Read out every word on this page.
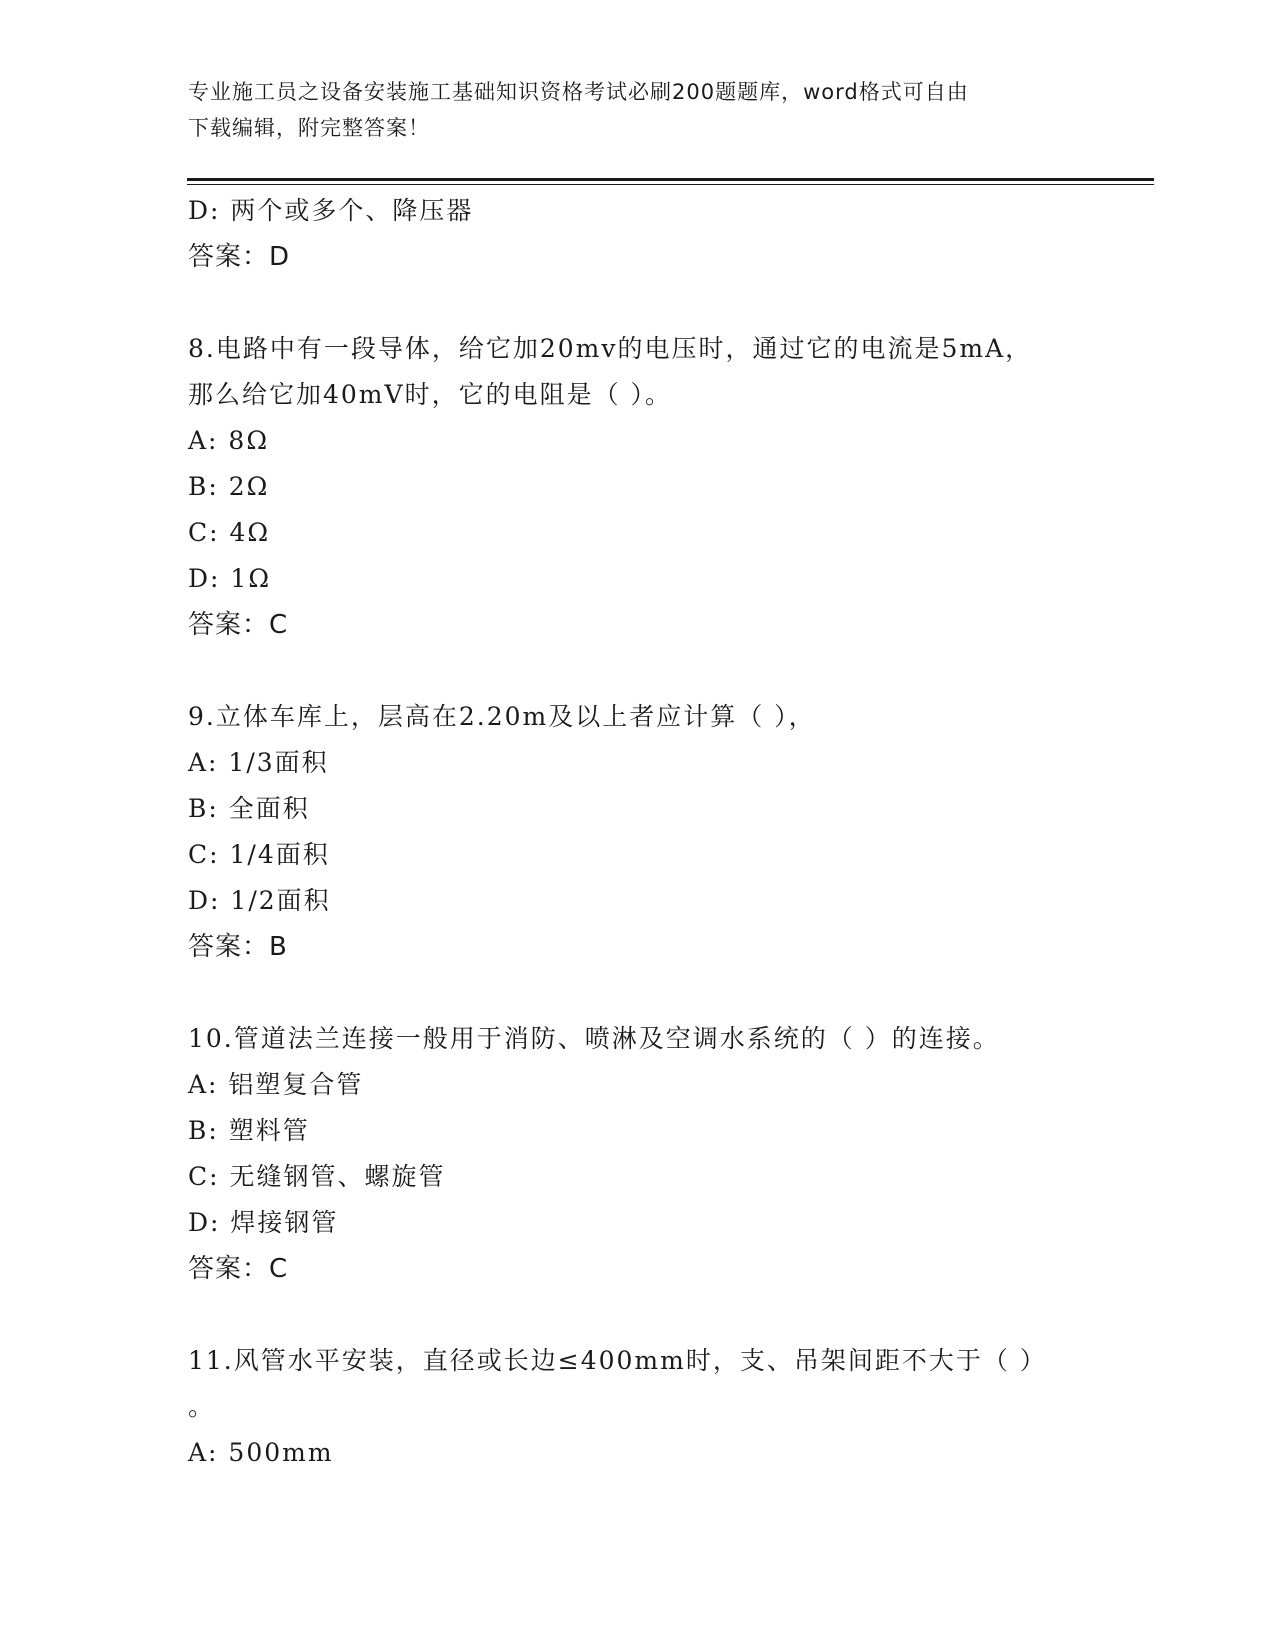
专业施工员之设备安装施工基础知识资格考试必刷200题题库，word格式可自由
下载编辑，附完整答案！
D: 两个或多个、降压器
答案：D
8.电路中有一段导体，给它加20mv的电压时，通过它的电流是5mA，
那么给它加40mV时，它的电阻是（ ）。
A: 8Ω
B: 2Ω
C: 4Ω
D: 1Ω
答案：C
9.立体车库上，层高在2.20m及以上者应计算（ ），
A: 1/3面积
B: 全面积
C: 1/4面积
D: 1/2面积
答案：B
10.管道法兰连接一般用于消防、喷淋及空调水系统的（ ）的连接。
A: 铝塑复合管
B: 塑料管
C: 无缝钢管、螺旋管
D: 焊接钢管
答案：C
11.风管水平安装，直径或长边≤400mm时，支、吊架间距不大于（ ）
。
A: 500mm
